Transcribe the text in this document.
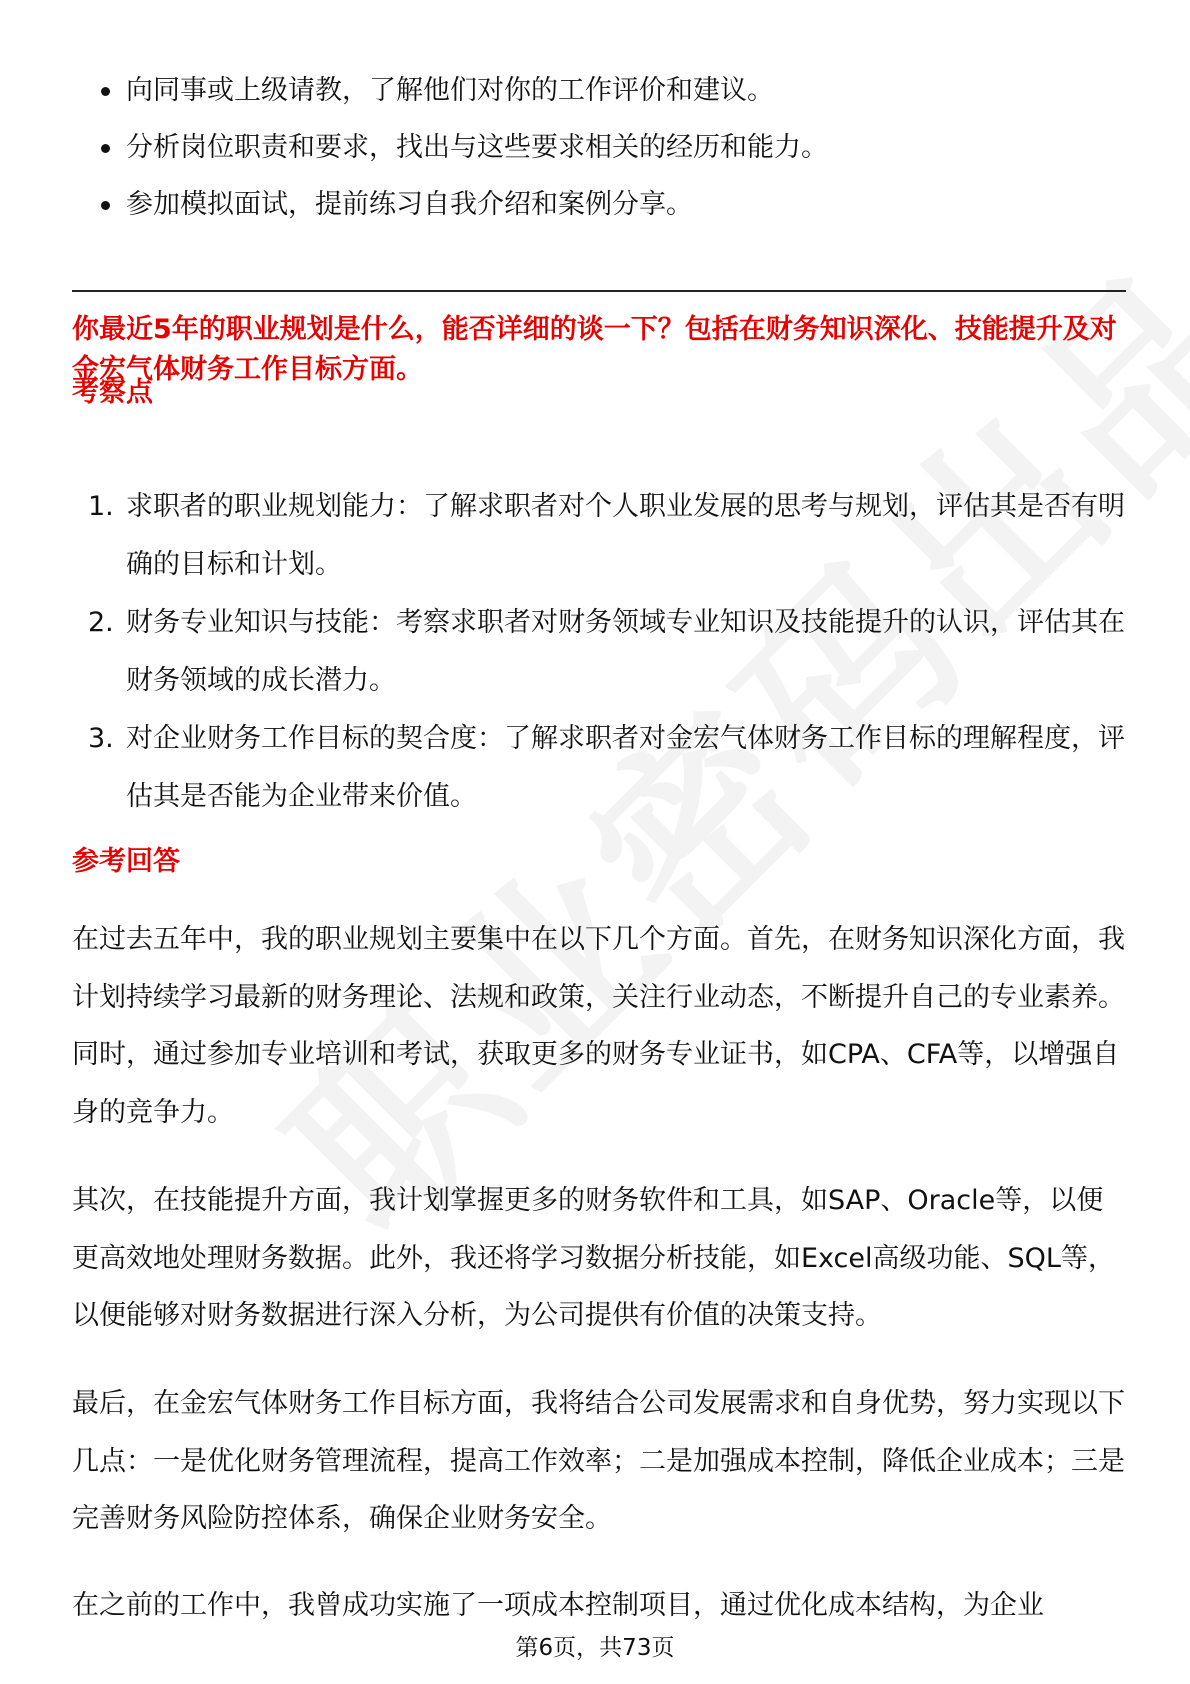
向同事或上级请教，了解他们对你的工作评价和建议。
分析岗位职责和要求，找出与这些要求相关的经历和能力。
参加模拟面试，提前练习自我介绍和案例分享。
你最近5年的职业规划是什么，能否详细的谈一下？包括在财务知识深化、技能提升及对金宏气体财务工作目标方面。
考察点
1. 求职者的职业规划能力：了解求职者对个人职业发展的思考与规划，评估其是否有明确的目标和计划。
2. 财务专业知识与技能：考察求职者对财务领域专业知识及技能提升的认识，评估其在财务领域的成长潜力。
3. 对企业财务工作目标的契合度：了解求职者对金宏气体财务工作目标的理解程度，评估其是否能为企业带来价值。
参考回答

在过去五年中，我的职业规划主要集中在以下几个方面。首先，在财务知识深化方面，我计划持续学习最新的财务理论、法规和政策，关注行业动态，不断提升自己的专业素养。同时，通过参加专业培训和考试，获取更多的财务专业证书，如CPA、CFA等，以增强自身的竞争力。

其次，在技能提升方面，我计划掌握更多的财务软件和工具，如SAP、Oracle等，以便更高效地处理财务数据。此外，我还将学习数据分析技能，如Excel高级功能、SQL等，以便能够对财务数据进行深入分析，为公司提供有价值的决策支持。

最后，在金宏气体财务工作目标方面，我将结合公司发展需求和自身优势，努力实现以下几点：一是优化财务管理流程，提高工作效率；二是加强成本控制，降低企业成本；三是完善财务风险防控体系，确保企业财务安全。

在之前的工作中，我曾成功实施了一项成本控制项目，通过优化成本结构，为企业

第6页，共73页
